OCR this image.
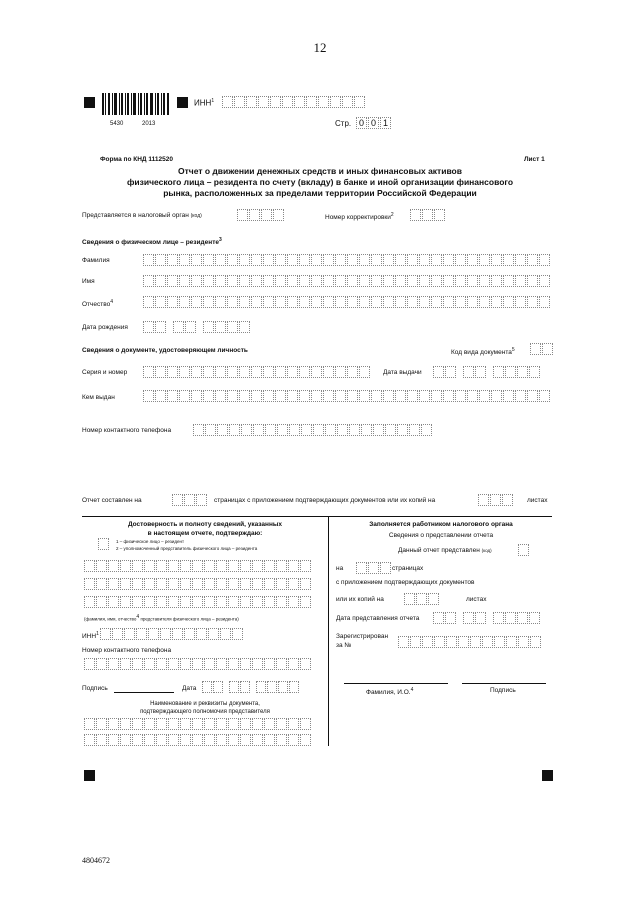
12
5430	2013
ИНН$^1$
Стр. 0 0 1
Форма по КНД 1112520	Лист 1
Отчет о движении денежных средств и иных финансовых активов
физического лица – резидента по счету (вкладу) в банке и иной организации финансового
рынка, расположенных за пределами территории Российской Федерации
Представляется в налоговый орган (код)	Номер корректировки$^2$
Сведения о физическом лице – резиденте$^3$
Фамилия
Имя
Отчество$^4$
Дата рождения
Сведения о документе, удостоверяющем личность	Код вида документа$^5$
Серия и номер	Дата выдачи
Кем выдан
Номер контактного телефона
Отчет составлен на	страницах с приложением подтверждающих документов или их копий на	листах
Достоверность и полноту сведений, указанных
в настоящем отчете, подтверждаю:
1 – физическое лицо – резидент
2 – уполномоченный представитель физического лица – резидента
(фамилия, имя, отчество4 представителя физического лица – резидента)
ИНН$^1$
Номер контактного телефона
Подпись	Дата
Наименование и реквизиты документа,
подтверждающего полномочия представителя
Заполняется работником налогового органа
Сведения о представлении отчета
Данный отчет представлен (код)
на	страницах
с приложением подтверждающих документов
или их копий на	листах
Дата представления отчета
Зарегистрирован
за №
Фамилия, И.О.$^4$	Подпись
4804672
